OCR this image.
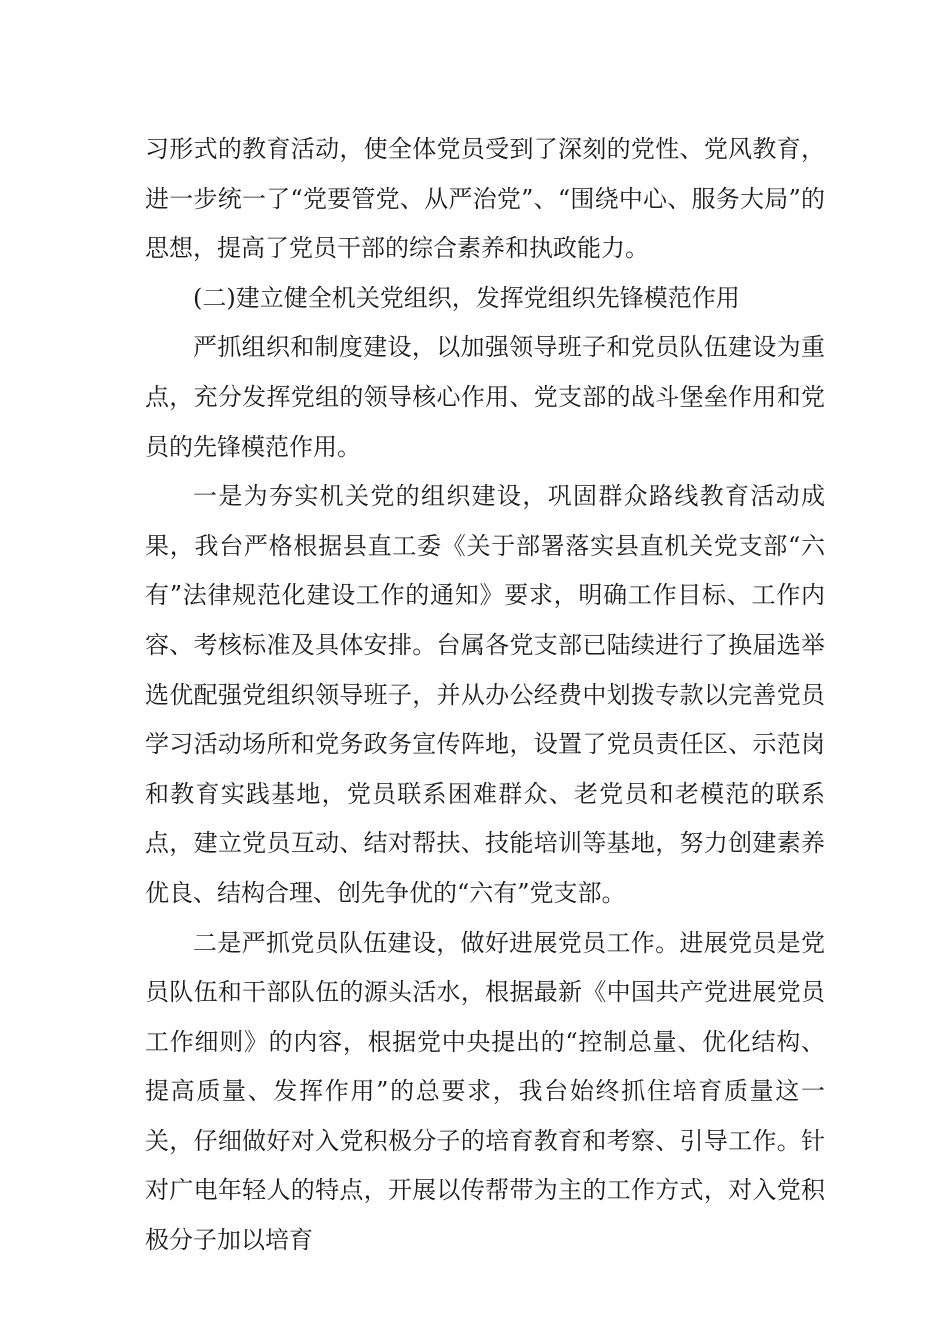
习形式的教育活动，使全体党员受到了深刻的党性、党风教育，进一步统一了“党要管党、从严治党”、“围绕中心、服务大局”的思想，提高了党员干部的综合素养和执政能力。

(二)建立健全机关党组织，发挥党组织先锋模范作用

严抓组织和制度建设，以加强领导班子和党员队伍建设为重点，充分发挥党组的领导核心作用、党支部的战斗堡垒作用和党员的先锋模范作用。

一是为夯实机关党的组织建设，巩固群众路线教育活动成果，我台严格根据县直工委《关于部署落实县直机关党支部“六有”法律规范化建设工作的通知》要求，明确工作目标、工作内容、考核标准及具体安排。台属各党支部已陆续进行了换届选举选优配强党组织领导班子，并从办公经费中划拨专款以完善党员学习活动场所和党务政务宣传阵地，设置了党员责任区、示范岗和教育实践基地，党员联系困难群众、老党员和老模范的联系点，建立党员互动、结对帮扶、技能培训等基地，努力创建素养优良、结构合理、创先争优的“六有”党支部。

二是严抓党员队伍建设，做好进展党员工作。进展党员是党员队伍和干部队伍的源头活水，根据最新《中国共产党进展党员工作细则》的内容，根据党中央提出的“控制总量、优化结构、提高质量、发挥作用”的总要求，我台始终抓住培育质量这一关，仔细做好对入党积极分子的培育教育和考察、引导工作。针对广电年轻人的特点，开展以传帮带为主的工作方式，对入党积极分子加以培育
